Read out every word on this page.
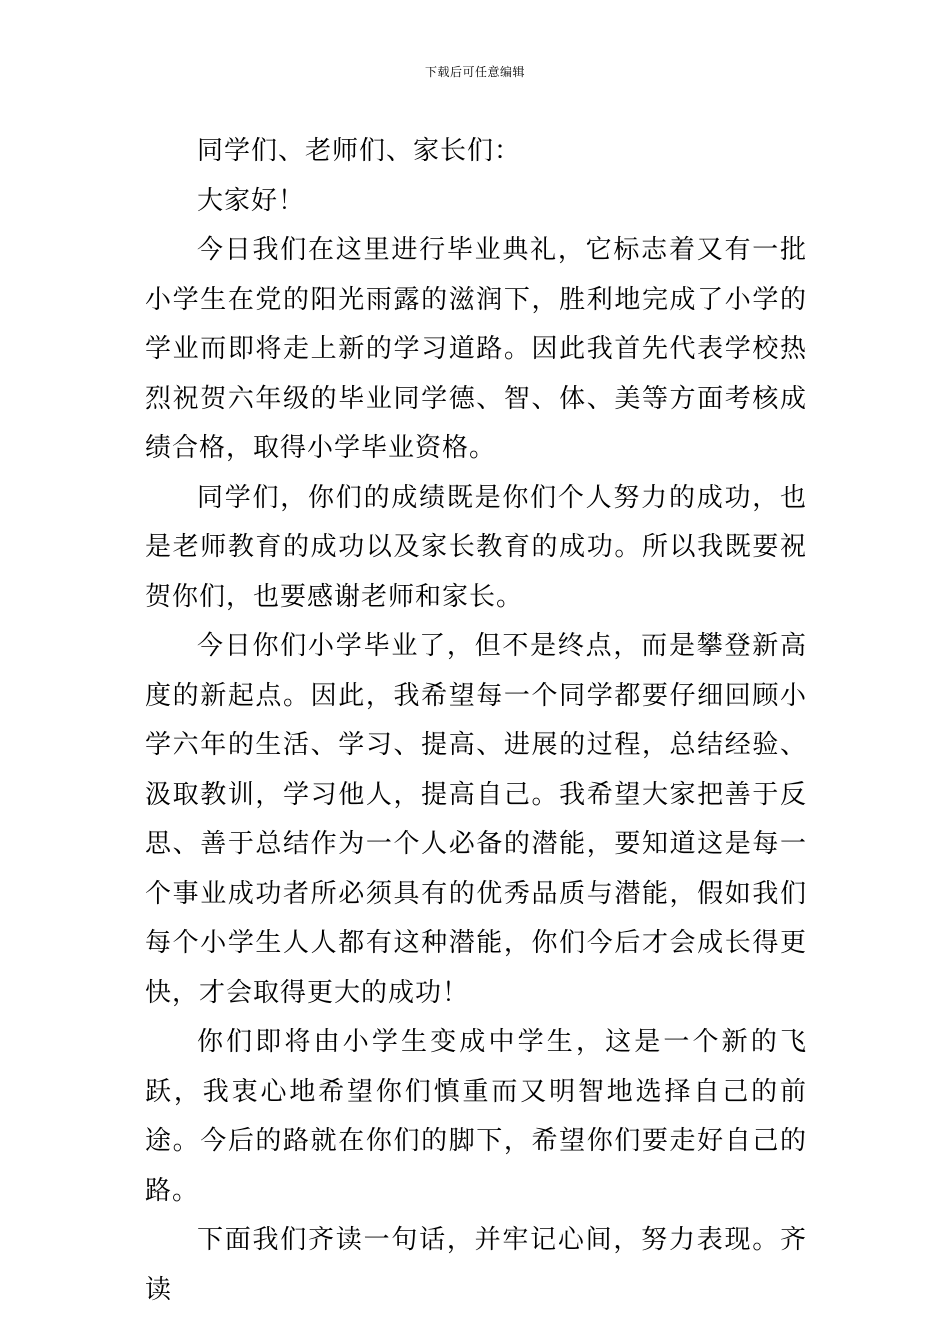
下载后可任意编辑

同学们、老师们、家长们：

大家好！

今日我们在这里进行毕业典礼，它标志着又有一批小学生在党的阳光雨露的滋润下，胜利地完成了小学的学业而即将走上新的学习道路。因此我首先代表学校热烈祝贺六年级的毕业同学德、智、体、美等方面考核成绩合格，取得小学毕业资格。

同学们，你们的成绩既是你们个人努力的成功，也是老师教育的成功以及家长教育的成功。所以我既要祝贺你们，也要感谢老师和家长。

今日你们小学毕业了，但不是终点，而是攀登新高度的新起点。因此，我希望每一个同学都要仔细回顾小学六年的生活、学习、提高、进展的过程，总结经验、汲取教训，学习他人，提高自己。我希望大家把善于反思、善于总结作为一个人必备的潜能，要知道这是每一个事业成功者所必须具有的优秀品质与潜能，假如我们每个小学生人人都有这种潜能，你们今后才会成长得更快，才会取得更大的成功！

你们即将由小学生变成中学生，这是一个新的飞跃，我衷心地希望你们慎重而又明智地选择自己的前途。今后的路就在你们的脚下，希望你们要走好自己的路。

下面我们齐读一句话，并牢记心间，努力表现。齐读
